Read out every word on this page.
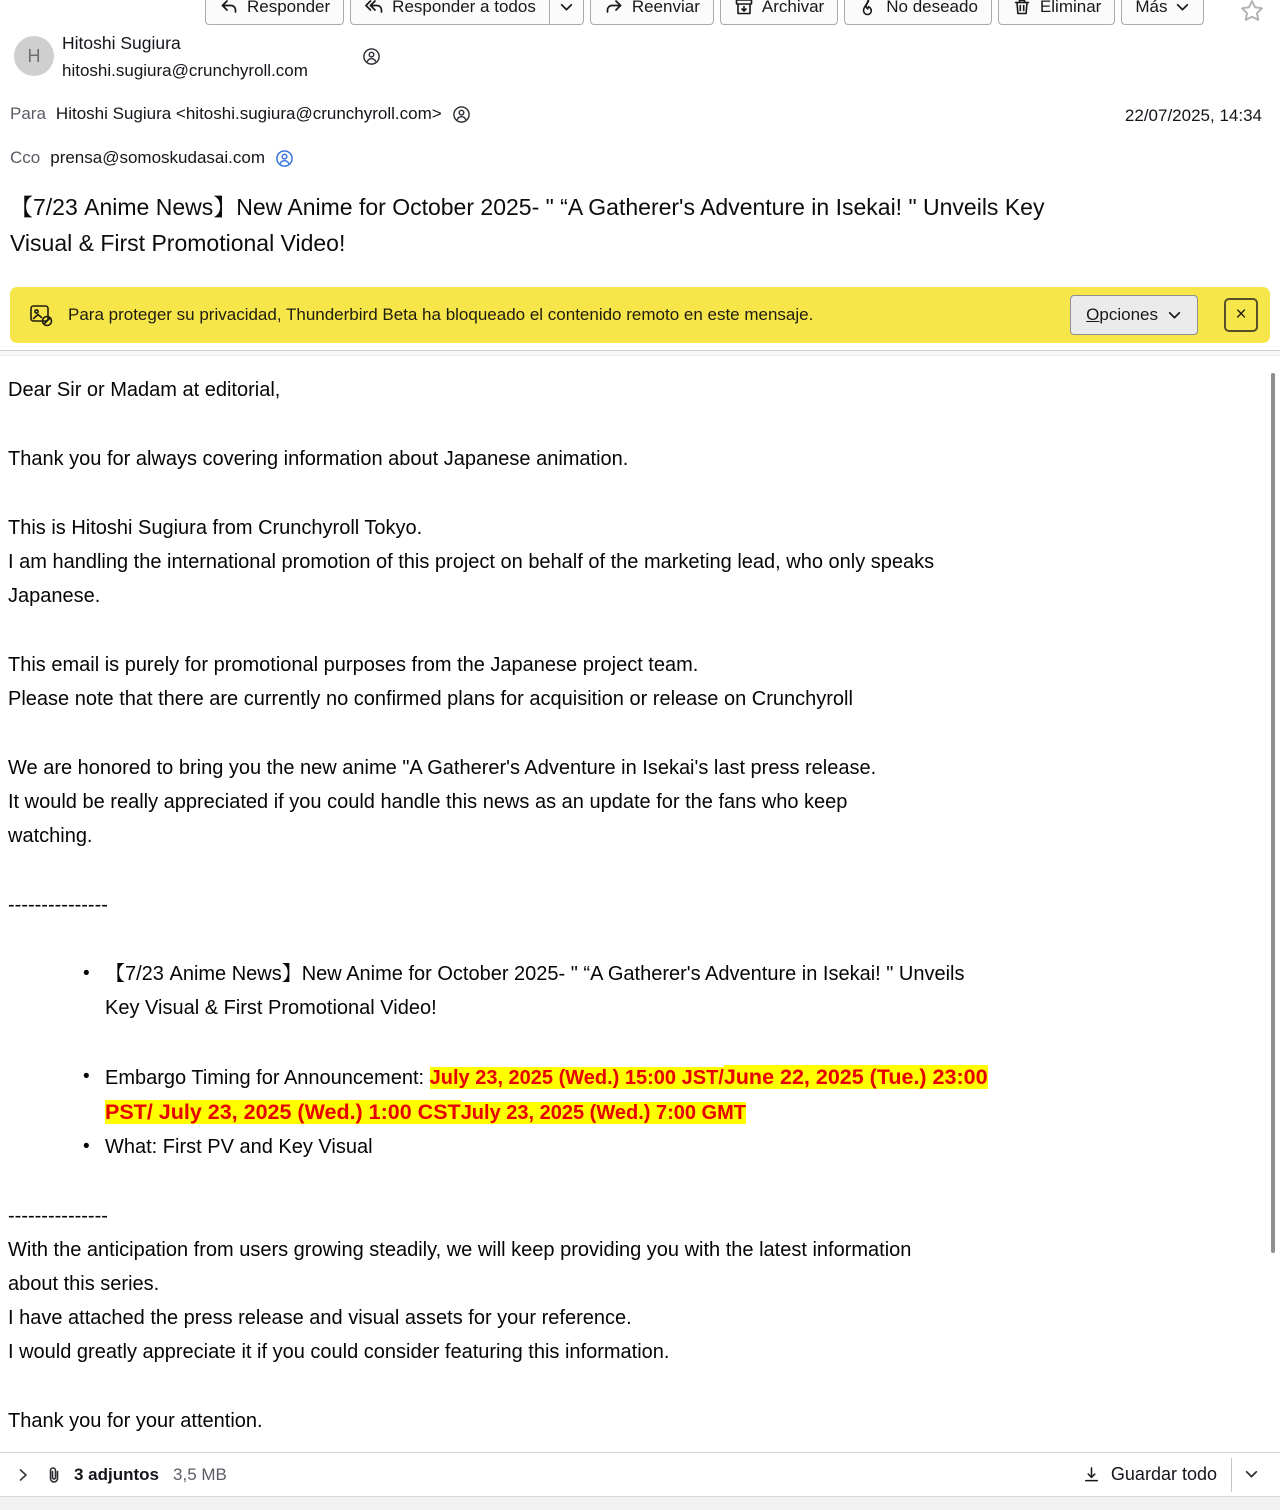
Responder	Responder a todos	Reenviar	Archivar	No deseado	Eliminar Más
H
Hitoshi Sugiura
hitoshi.sugiura@crunchyroll.com
Para Hitoshi Sugiura <hitoshi.sugiura@crunchyroll.com>	22/07/2025, 14:34
Cco prensa@somoskudasai.com
【7/23 Anime News】New Anime for October 2025- " “A Gatherer's Adventure in Isekai! " Unveils Key
Visual & First Promotional Video!
Para proteger su privacidad, Thunderbird Beta ha bloqueado el contenido remoto en este mensaje.	Opciones	×
Dear Sir or Madam at editorial,
Thank you for always covering information about Japanese animation.
This is Hitoshi Sugiura from Crunchyroll Tokyo.
I am handling the international promotion of this project on behalf of the marketing lead, who only speaks
Japanese.
This email is purely for promotional purposes from the Japanese project team.
Please note that there are currently no confirmed plans for acquisition or release on Crunchyroll
We are honored to bring you the new anime "A Gatherer's Adventure in Isekai's last press release.
It would be really appreciated if you could handle this news as an update for the fans who keep
watching.
---------------
• 【7/23 Anime News】New Anime for October 2025- " “A Gatherer's Adventure in Isekai! " Unveils
Key Visual & First Promotional Video!
• Embargo Timing for Announcement: July 23, 2025 (Wed.) 15:00 JST/June 22, 2025 (Tue.) 23:00
PST/ July 23, 2025 (Wed.) 1:00 CSTJuly 23, 2025 (Wed.) 7:00 GMT
• What: First PV and Key Visual
---------------
With the anticipation from users growing steadily, we will keep providing you with the latest information
about this series.
I have attached the press release and visual assets for your reference.
I would greatly appreciate it if you could consider featuring this information.
Thank you for your attention.
3 adjuntos 3,5 MB	Guardar todo
